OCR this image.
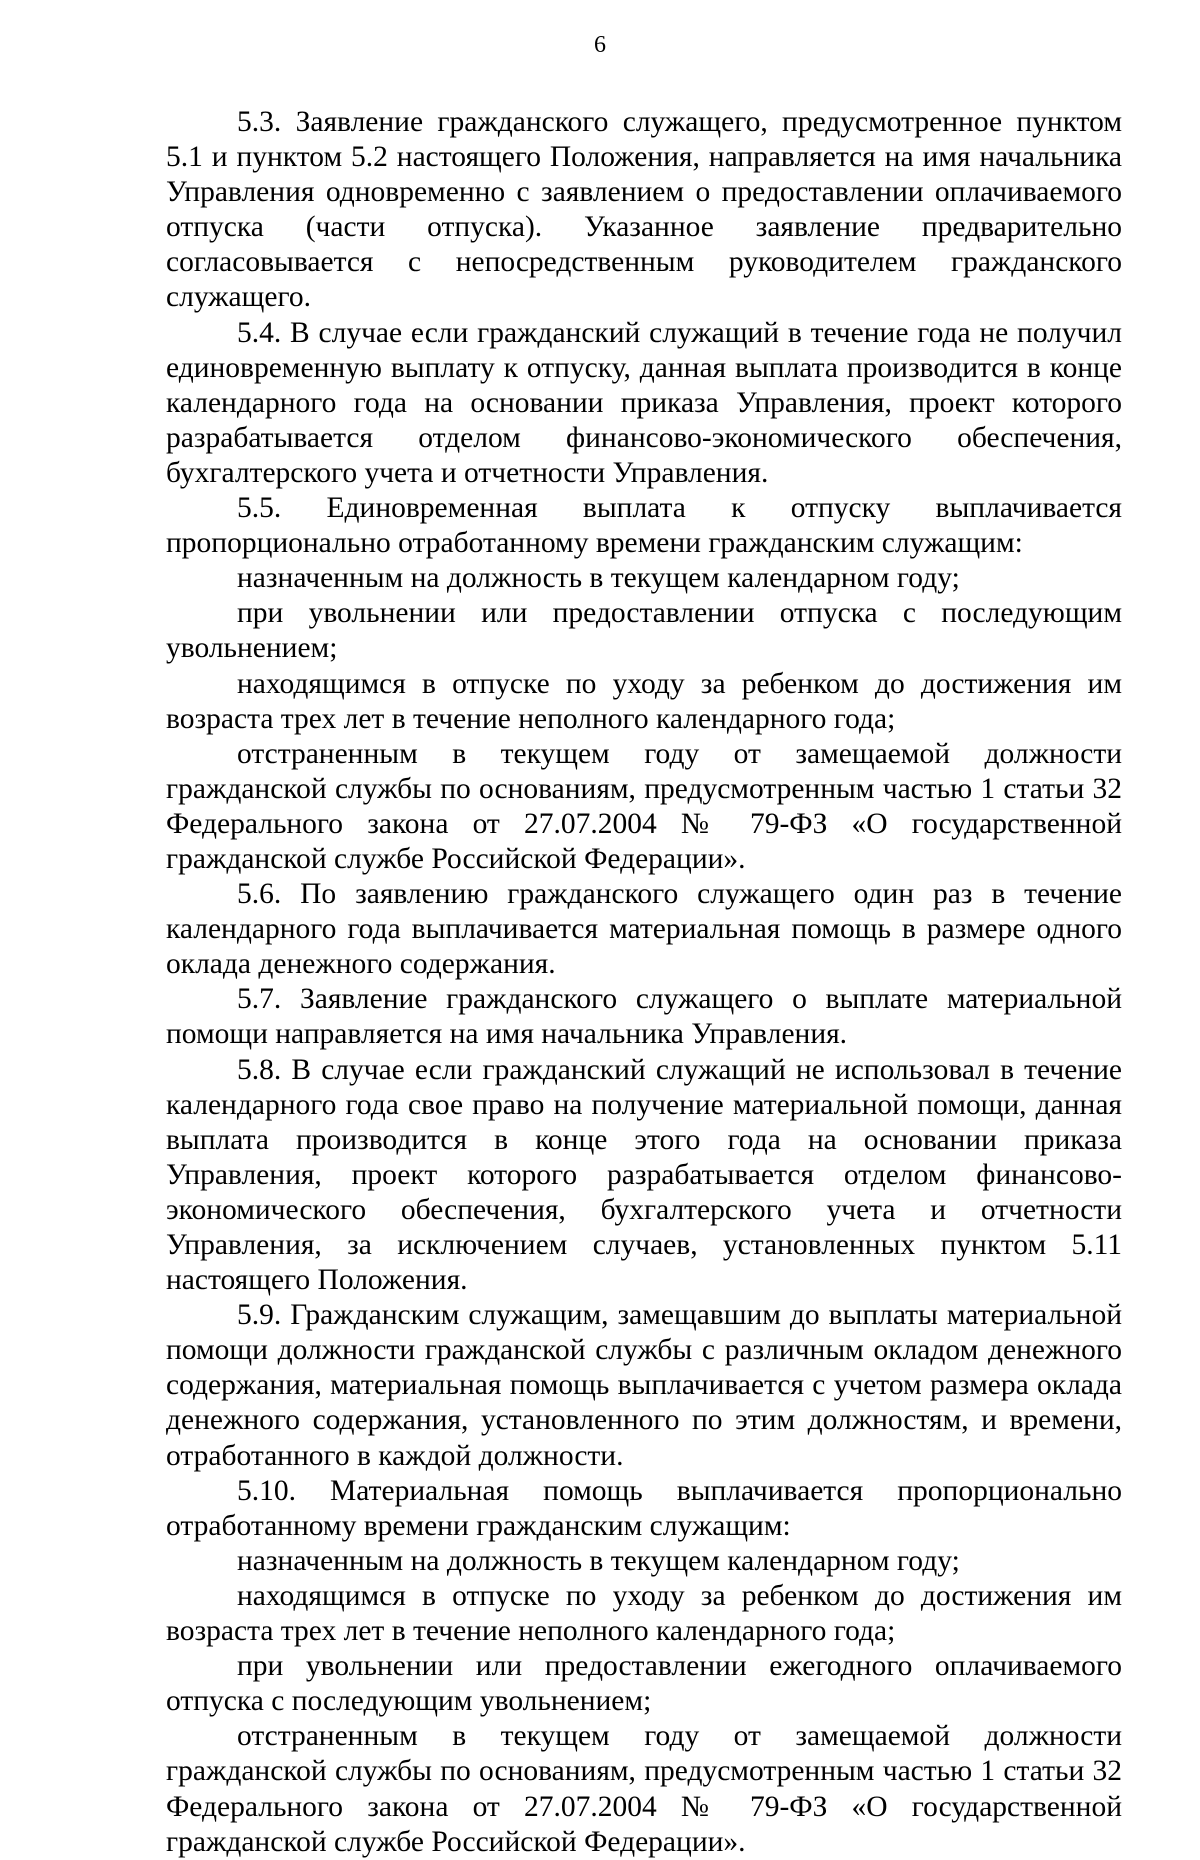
6

5.3. Заявление гражданского служащего, предусмотренное пунктом 5.1 и пунктом 5.2 настоящего Положения, направляется на имя начальника Управления одновременно с заявлением о предоставлении оплачиваемого отпуска (части отпуска). Указанное заявление предварительно согласовывается с непосредственным руководителем гражданского служащего.

5.4. В случае если гражданский служащий в течение года не получил единовременную выплату к отпуску, данная выплата производится в конце календарного года на основании приказа Управления, проект которого разрабатывается отделом финансово-экономического обеспечения, бухгалтерского учета и отчетности Управления.

5.5. Единовременная выплата к отпуску выплачивается пропорционально отработанному времени гражданским служащим:

назначенным на должность в текущем календарном году;

при увольнении или предоставлении отпуска с последующим увольнением;

находящимся в отпуске по уходу за ребенком до достижения им возраста трех лет в течение неполного календарного года;

отстраненным в текущем году от замещаемой должности гражданской службы по основаниям, предусмотренным частью 1 статьи 32 Федерального закона от 27.07.2004 № 79-ФЗ «О государственной гражданской службе Российской Федерации».

5.6. По заявлению гражданского служащего один раз в течение календарного года выплачивается материальная помощь в размере одного оклада денежного содержания.

5.7. Заявление гражданского служащего о выплате материальной помощи направляется на имя начальника Управления.

5.8. В случае если гражданский служащий не использовал в течение календарного года свое право на получение материальной помощи, данная выплата производится в конце этого года на основании приказа Управления, проект которого разрабатывается отделом финансово-экономического обеспечения, бухгалтерского учета и отчетности Управления, за исключением случаев, установленных пунктом 5.11 настоящего Положения.

5.9. Гражданским служащим, замещавшим до выплаты материальной помощи должности гражданской службы с различным окладом денежного содержания, материальная помощь выплачивается с учетом размера оклада денежного содержания, установленного по этим должностям, и времени, отработанного в каждой должности.

5.10. Материальная помощь выплачивается пропорционально отработанному времени гражданским служащим:

назначенным на должность в текущем календарном году;

находящимся в отпуске по уходу за ребенком до достижения им возраста трех лет в течение неполного календарного года;

при увольнении или предоставлении ежегодного оплачиваемого отпуска с последующим увольнением;

отстраненным в текущем году от замещаемой должности гражданской службы по основаниям, предусмотренным частью 1 статьи 32 Федерального закона от 27.07.2004 № 79-ФЗ «О государственной гражданской службе Российской Федерации».
